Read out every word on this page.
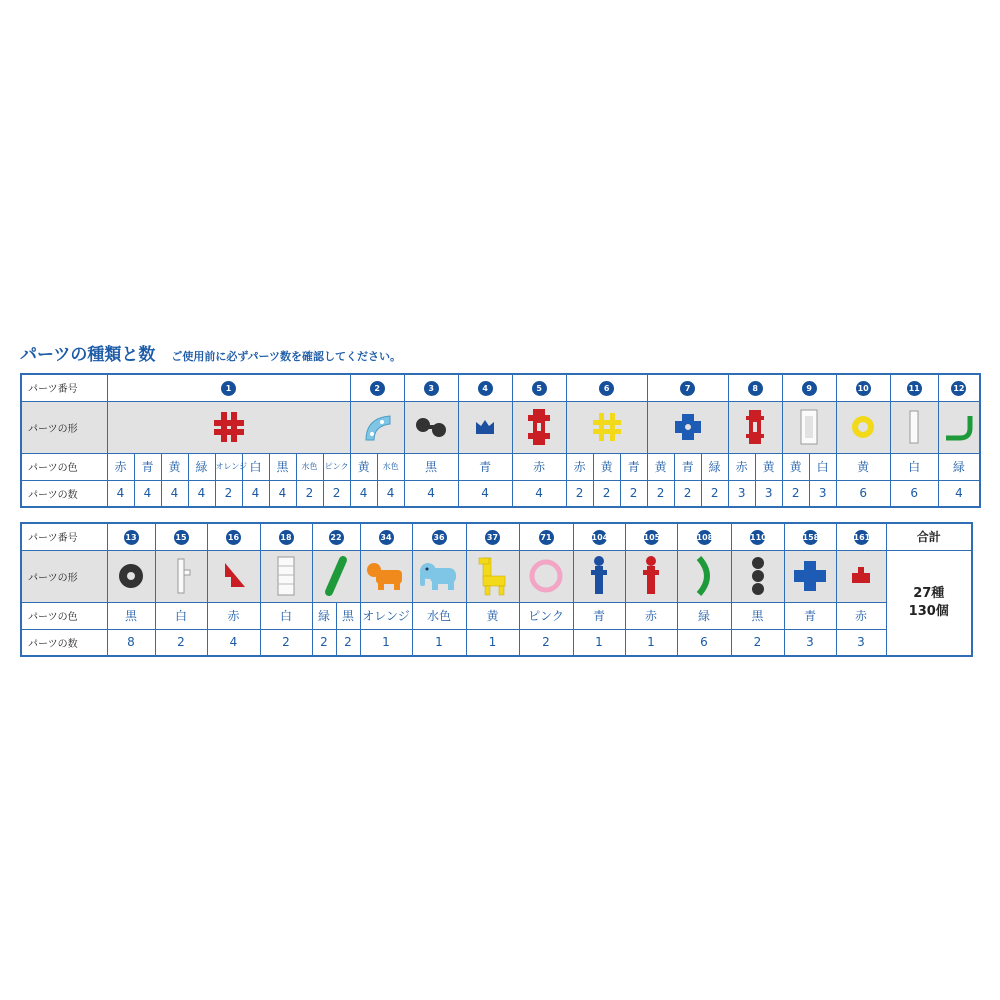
パーツの種類と数 ご使用前に必ずパーツ数を確認してください。
パーツ番号	1									2		3	4	5	6			7			8		9		10	11	12
パーツの形	

パーツの色	赤	青	黄	緑	オレンジ	白	黒	水色	ピンク	黄	水色	黒	青	赤	赤	黄	青	黄	青	緑	赤	黄	黄	白	黄	白	緑
パーツの数	4	4	4	4	2	4	4	2	2	4	4	4	4	4	2	2	2	2	2	2	3	3	2	3	6	6	4
パーツ番号	13	15	16	18	22		34	36	37	71	104	105	108	110	158	161	合計
パーツの形																	27種
130個

パーツの色	黒	白	赤	白	緑	黒	オレンジ	水色	黄	ピンク	青	赤	緑	黒	青	赤	
パーツの数	8	2	4	2	2	2	1	1	1	2	1	1	6	2	3	3	
